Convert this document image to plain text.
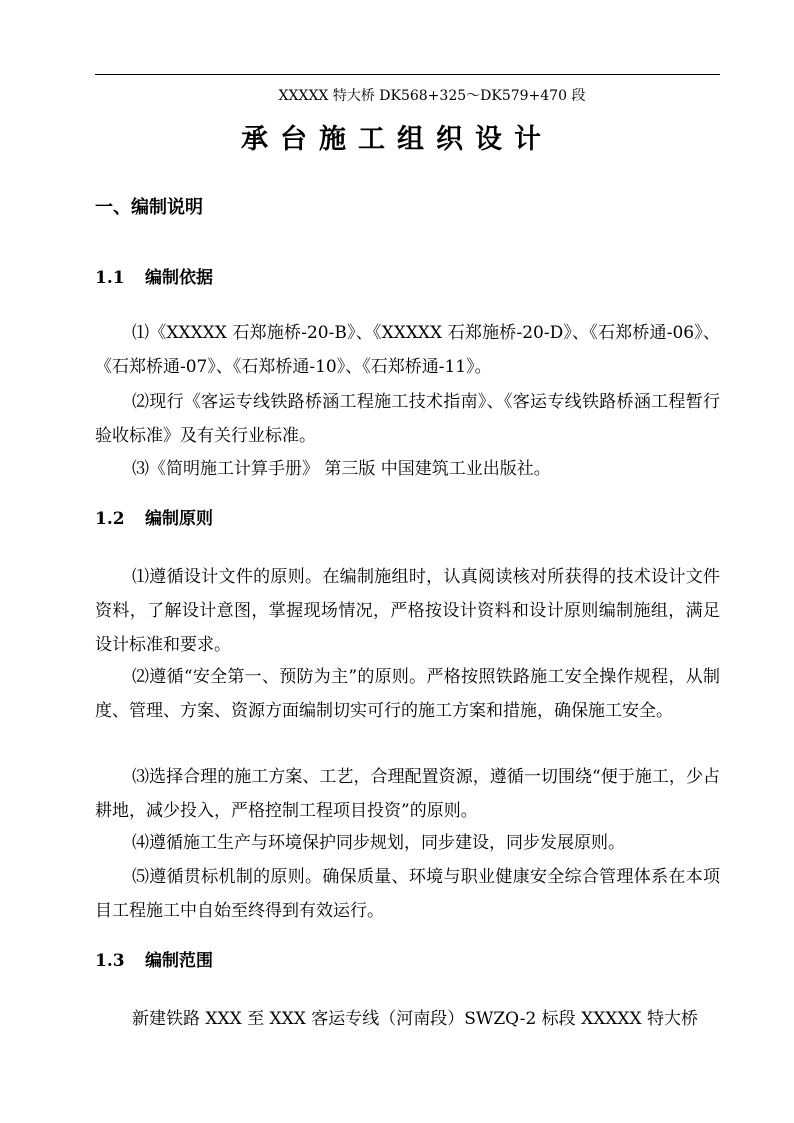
XXXXX 特大桥 DK568+325～DK579+470 段
承台施工组织设计
一、编制说明
1.1 编制依据
⑴《XXXXX 石郑施桥-20-B》、《XXXXX 石郑施桥-20-D》、《石郑桥通-06》、《石郑桥通-07》、《石郑桥通-10》、《石郑桥通-11》。
⑵现行《客运专线铁路桥涵工程施工技术指南》、《客运专线铁路桥涵工程暂行验收标准》及有关行业标准。
⑶《简明施工计算手册》 第三版 中国建筑工业出版社。
1.2 编制原则
⑴遵循设计文件的原则。在编制施组时，认真阅读核对所获得的技术设计文件资料，了解设计意图，掌握现场情况，严格按设计资料和设计原则编制施组，满足设计标准和要求。
⑵遵循“安全第一、预防为主”的原则。严格按照铁路施工安全操作规程，从制度、管理、方案、资源方面编制切实可行的施工方案和措施，确保施工安全。
⑶选择合理的施工方案、工艺，合理配置资源，遵循一切围绕“便于施工，少占耕地，减少投入，严格控制工程项目投资”的原则。
⑷遵循施工生产与环境保护同步规划，同步建设，同步发展原则。
⑸遵循贯标机制的原则。确保质量、环境与职业健康安全综合管理体系在本项目工程施工中自始至终得到有效运行。
1.3 编制范围
新建铁路 XXX 至 XXX 客运专线（河南段）SWZQ-2 标段 XXXXX 特大桥
